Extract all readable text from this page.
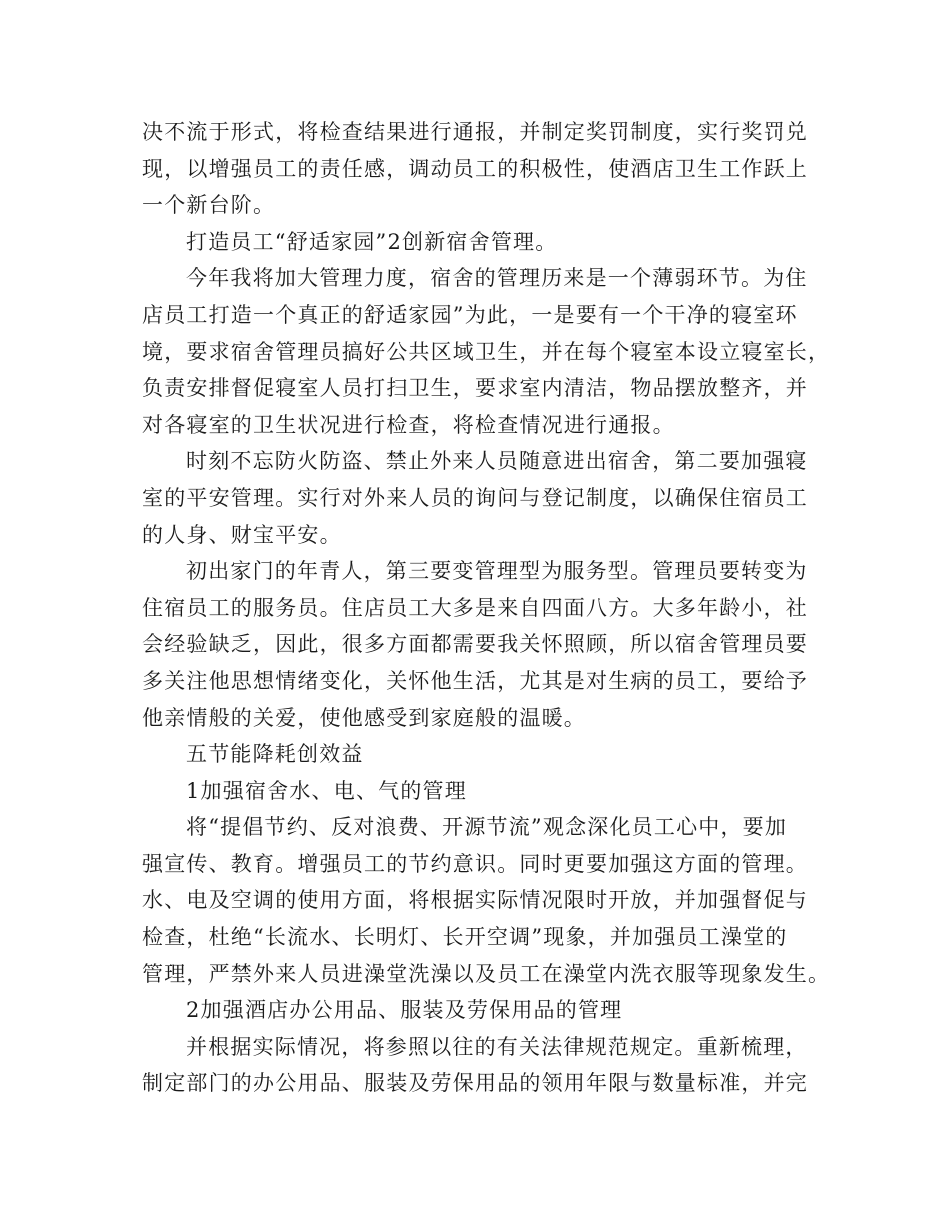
决不流于形式，将检查结果进行通报，并制定奖罚制度，实行奖罚兑
现，以增强员工的责任感，调动员工的积极性，使酒店卫生工作跃上
一个新台阶。
打造员工“舒适家园”2创新宿舍管理。
今年我将加大管理力度，宿舍的管理历来是一个薄弱环节。为住
店员工打造一个真正的舒适家园”为此，一是要有一个干净的寝室环
境，要求宿舍管理员搞好公共区域卫生，并在每个寝室本设立寝室长，
负责安排督促寝室人员打扫卫生，要求室内清洁，物品摆放整齐，并
对各寝室的卫生状况进行检查，将检查情况进行通报。
时刻不忘防火防盗、禁止外来人员随意进出宿舍，第二要加强寝
室的平安管理。实行对外来人员的询问与登记制度，以确保住宿员工
的人身、财宝平安。
初出家门的年青人，第三要变管理型为服务型。管理员要转变为
住宿员工的服务员。住店员工大多是来自四面八方。大多年龄小，社
会经验缺乏，因此，很多方面都需要我关怀照顾，所以宿舍管理员要
多关注他思想情绪变化，关怀他生活，尤其是对生病的员工，要给予
他亲情般的关爱，使他感受到家庭般的温暖。
五节能降耗创效益
1加强宿舍水、电、气的管理
将“提倡节约、反对浪费、开源节流”观念深化员工心中，要加
强宣传、教育。增强员工的节约意识。同时更要加强这方面的管理。
水、电及空调的使用方面，将根据实际情况限时开放，并加强督促与
检查，杜绝“长流水、长明灯、长开空调”现象，并加强员工澡堂的
管理，严禁外来人员进澡堂洗澡以及员工在澡堂内洗衣服等现象发生。
2加强酒店办公用品、服装及劳保用品的管理
并根据实际情况，将参照以往的有关法律规范规定。重新梳理，
制定部门的办公用品、服装及劳保用品的领用年限与数量标准，并完
